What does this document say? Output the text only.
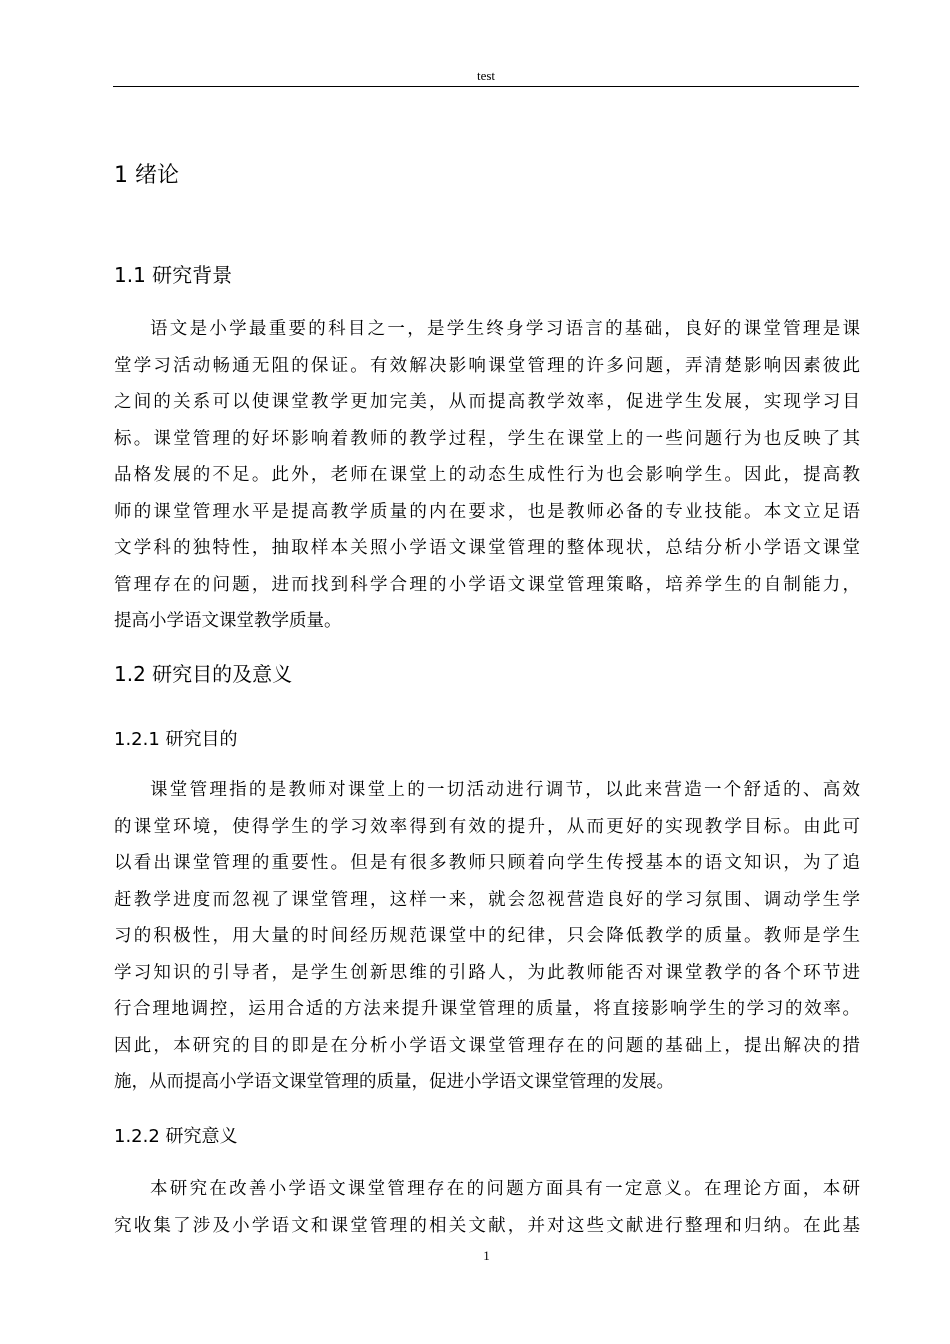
test
1 绪论
1.1 研究背景
语文是小学最重要的科目之一，是学生终身学习语言的基础，良好的课堂管理是课
堂学习活动畅通无阻的保证。有效解决影响课堂管理的许多问题，弄清楚影响因素彼此
之间的关系可以使课堂教学更加完美，从而提高教学效率，促进学生发展，实现学习目
标。课堂管理的好坏影响着教师的教学过程，学生在课堂上的一些问题行为也反映了其
品格发展的不足。此外，老师在课堂上的动态生成性行为也会影响学生。因此，提高教
师的课堂管理水平是提高教学质量的内在要求，也是教师必备的专业技能。本文立足语
文学科的独特性，抽取样本关照小学语文课堂管理的整体现状，总结分析小学语文课堂
管理存在的问题，进而找到科学合理的小学语文课堂管理策略，培养学生的自制能力，
提高小学语文课堂教学质量。
1.2 研究目的及意义
1.2.1 研究目的
课堂管理指的是教师对课堂上的一切活动进行调节，以此来营造一个舒适的、高效
的课堂环境，使得学生的学习效率得到有效的提升，从而更好的实现教学目标。由此可
以看出课堂管理的重要性。但是有很多教师只顾着向学生传授基本的语文知识，为了追
赶教学进度而忽视了课堂管理，这样一来，就会忽视营造良好的学习氛围、调动学生学
习的积极性，用大量的时间经历规范课堂中的纪律，只会降低教学的质量。教师是学生
学习知识的引导者，是学生创新思维的引路人，为此教师能否对课堂教学的各个环节进
行合理地调控，运用合适的方法来提升课堂管理的质量，将直接影响学生的学习的效率。
因此，本研究的目的即是在分析小学语文课堂管理存在的问题的基础上，提出解决的措
施，从而提高小学语文课堂管理的质量，促进小学语文课堂管理的发展。
1.2.2 研究意义
本研究在改善小学语文课堂管理存在的问题方面具有一定意义。在理论方面，本研
究收集了涉及小学语文和课堂管理的相关文献，并对这些文献进行整理和归纳。在此基
1
